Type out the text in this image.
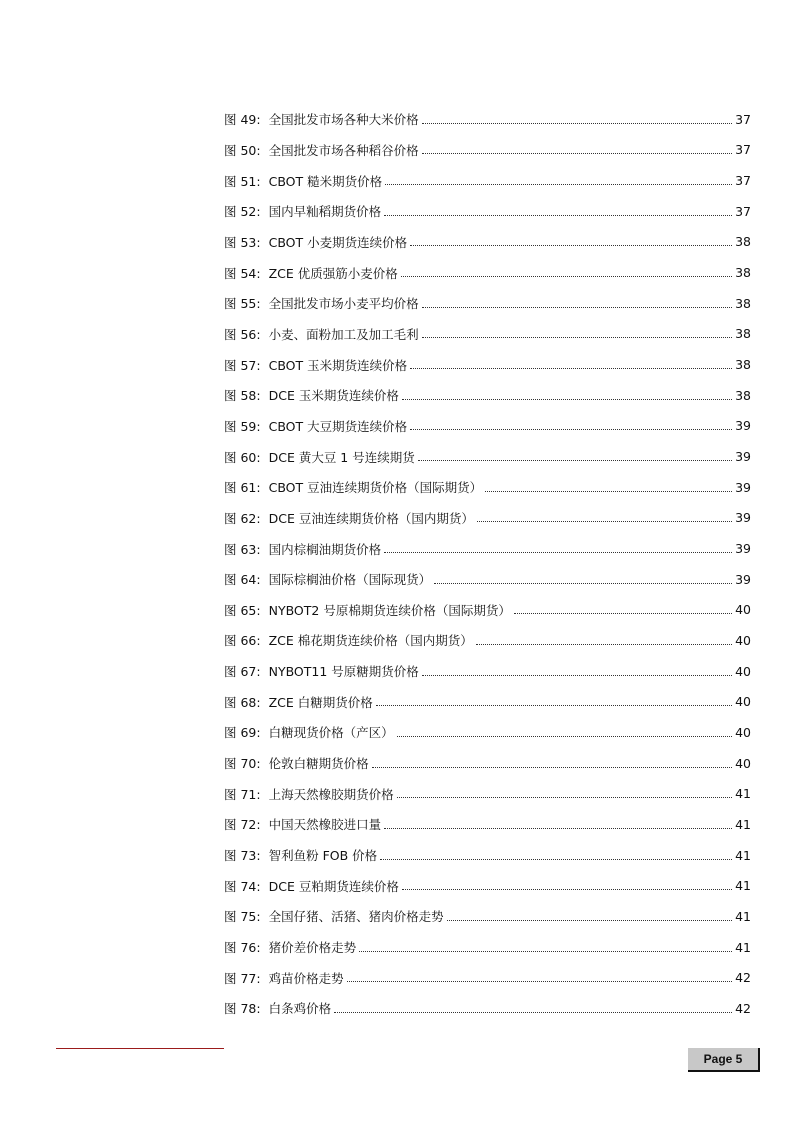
图 49: 全国批发市场各种大米价格	37
图 50: 全国批发市场各种稻谷价格	37
图 51: CBOT 糙米期货价格	37
图 52: 国内早籼稻期货价格	37
图 53: CBOT 小麦期货连续价格	38
图 54: ZCE 优质强筋小麦价格	38
图 55: 全国批发市场小麦平均价格	38
图 56: 小麦、面粉加工及加工毛利	38
图 57: CBOT 玉米期货连续价格	38
图 58: DCE 玉米期货连续价格	38
图 59: CBOT 大豆期货连续价格	39
图 60: DCE 黄大豆 1 号连续期货	39
图 61: CBOT 豆油连续期货价格（国际期货）	39
图 62: DCE 豆油连续期货价格（国内期货）	39
图 63: 国内棕榈油期货价格	39
图 64: 国际棕榈油价格（国际现货）	39
图 65: NYBOT2 号原棉期货连续价格（国际期货）	40
图 66: ZCE 棉花期货连续价格（国内期货）	40
图 67: NYBOT11 号原糖期货价格	40
图 68: ZCE 白糖期货价格	40
图 69: 白糖现货价格（产区）	40
图 70: 伦敦白糖期货价格	40
图 71: 上海天然橡胶期货价格	41
图 72: 中国天然橡胶进口量	41
图 73: 智利鱼粉 FOB 价格	41
图 74: DCE 豆粕期货连续价格	41
图 75: 全国仔猪、活猪、猪肉价格走势	41
图 76: 猪价差价格走势	41
图 77: 鸡苗价格走势	42
图 78: 白条鸡价格	42
Page 5
